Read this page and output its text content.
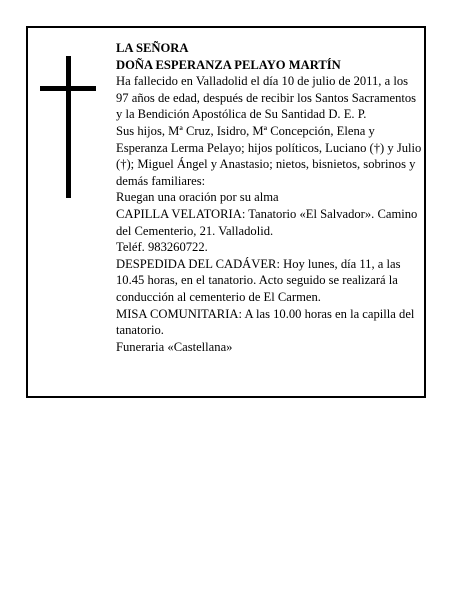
LA SEÑORA

DOÑA ESPERANZA PELAYO MARTÍN

Ha fallecido en Valladolid el día 10 de julio de 2011, a los 97 años de edad, después de recibir los Santos Sacramentos y la Bendición Apostólica de Su Santidad D. E. P.

Sus hijos, Mª Cruz, Isidro, Mª Concepción, Elena y Esperanza Lerma Pelayo; hijos políticos, Luciano (†) y Julio (†); Miguel Ángel y Anastasio; nietos, bisnietos, sobrinos y demás familiares:

Ruegan una oración por su alma

CAPILLA VELATORIA: Tanatorio «El Salvador». Camino del Cementerio, 21. Valladolid.

Teléf. 983260722.

DESPEDIDA DEL CADÁVER: Hoy lunes, día 11, a las 10.45 horas, en el tanatorio. Acto seguido se realizará la conducción al cementerio de El Carmen.

MISA COMUNITARIA: A las 10.00 horas en la capilla del tanatorio.

Funeraria «Castellana»
